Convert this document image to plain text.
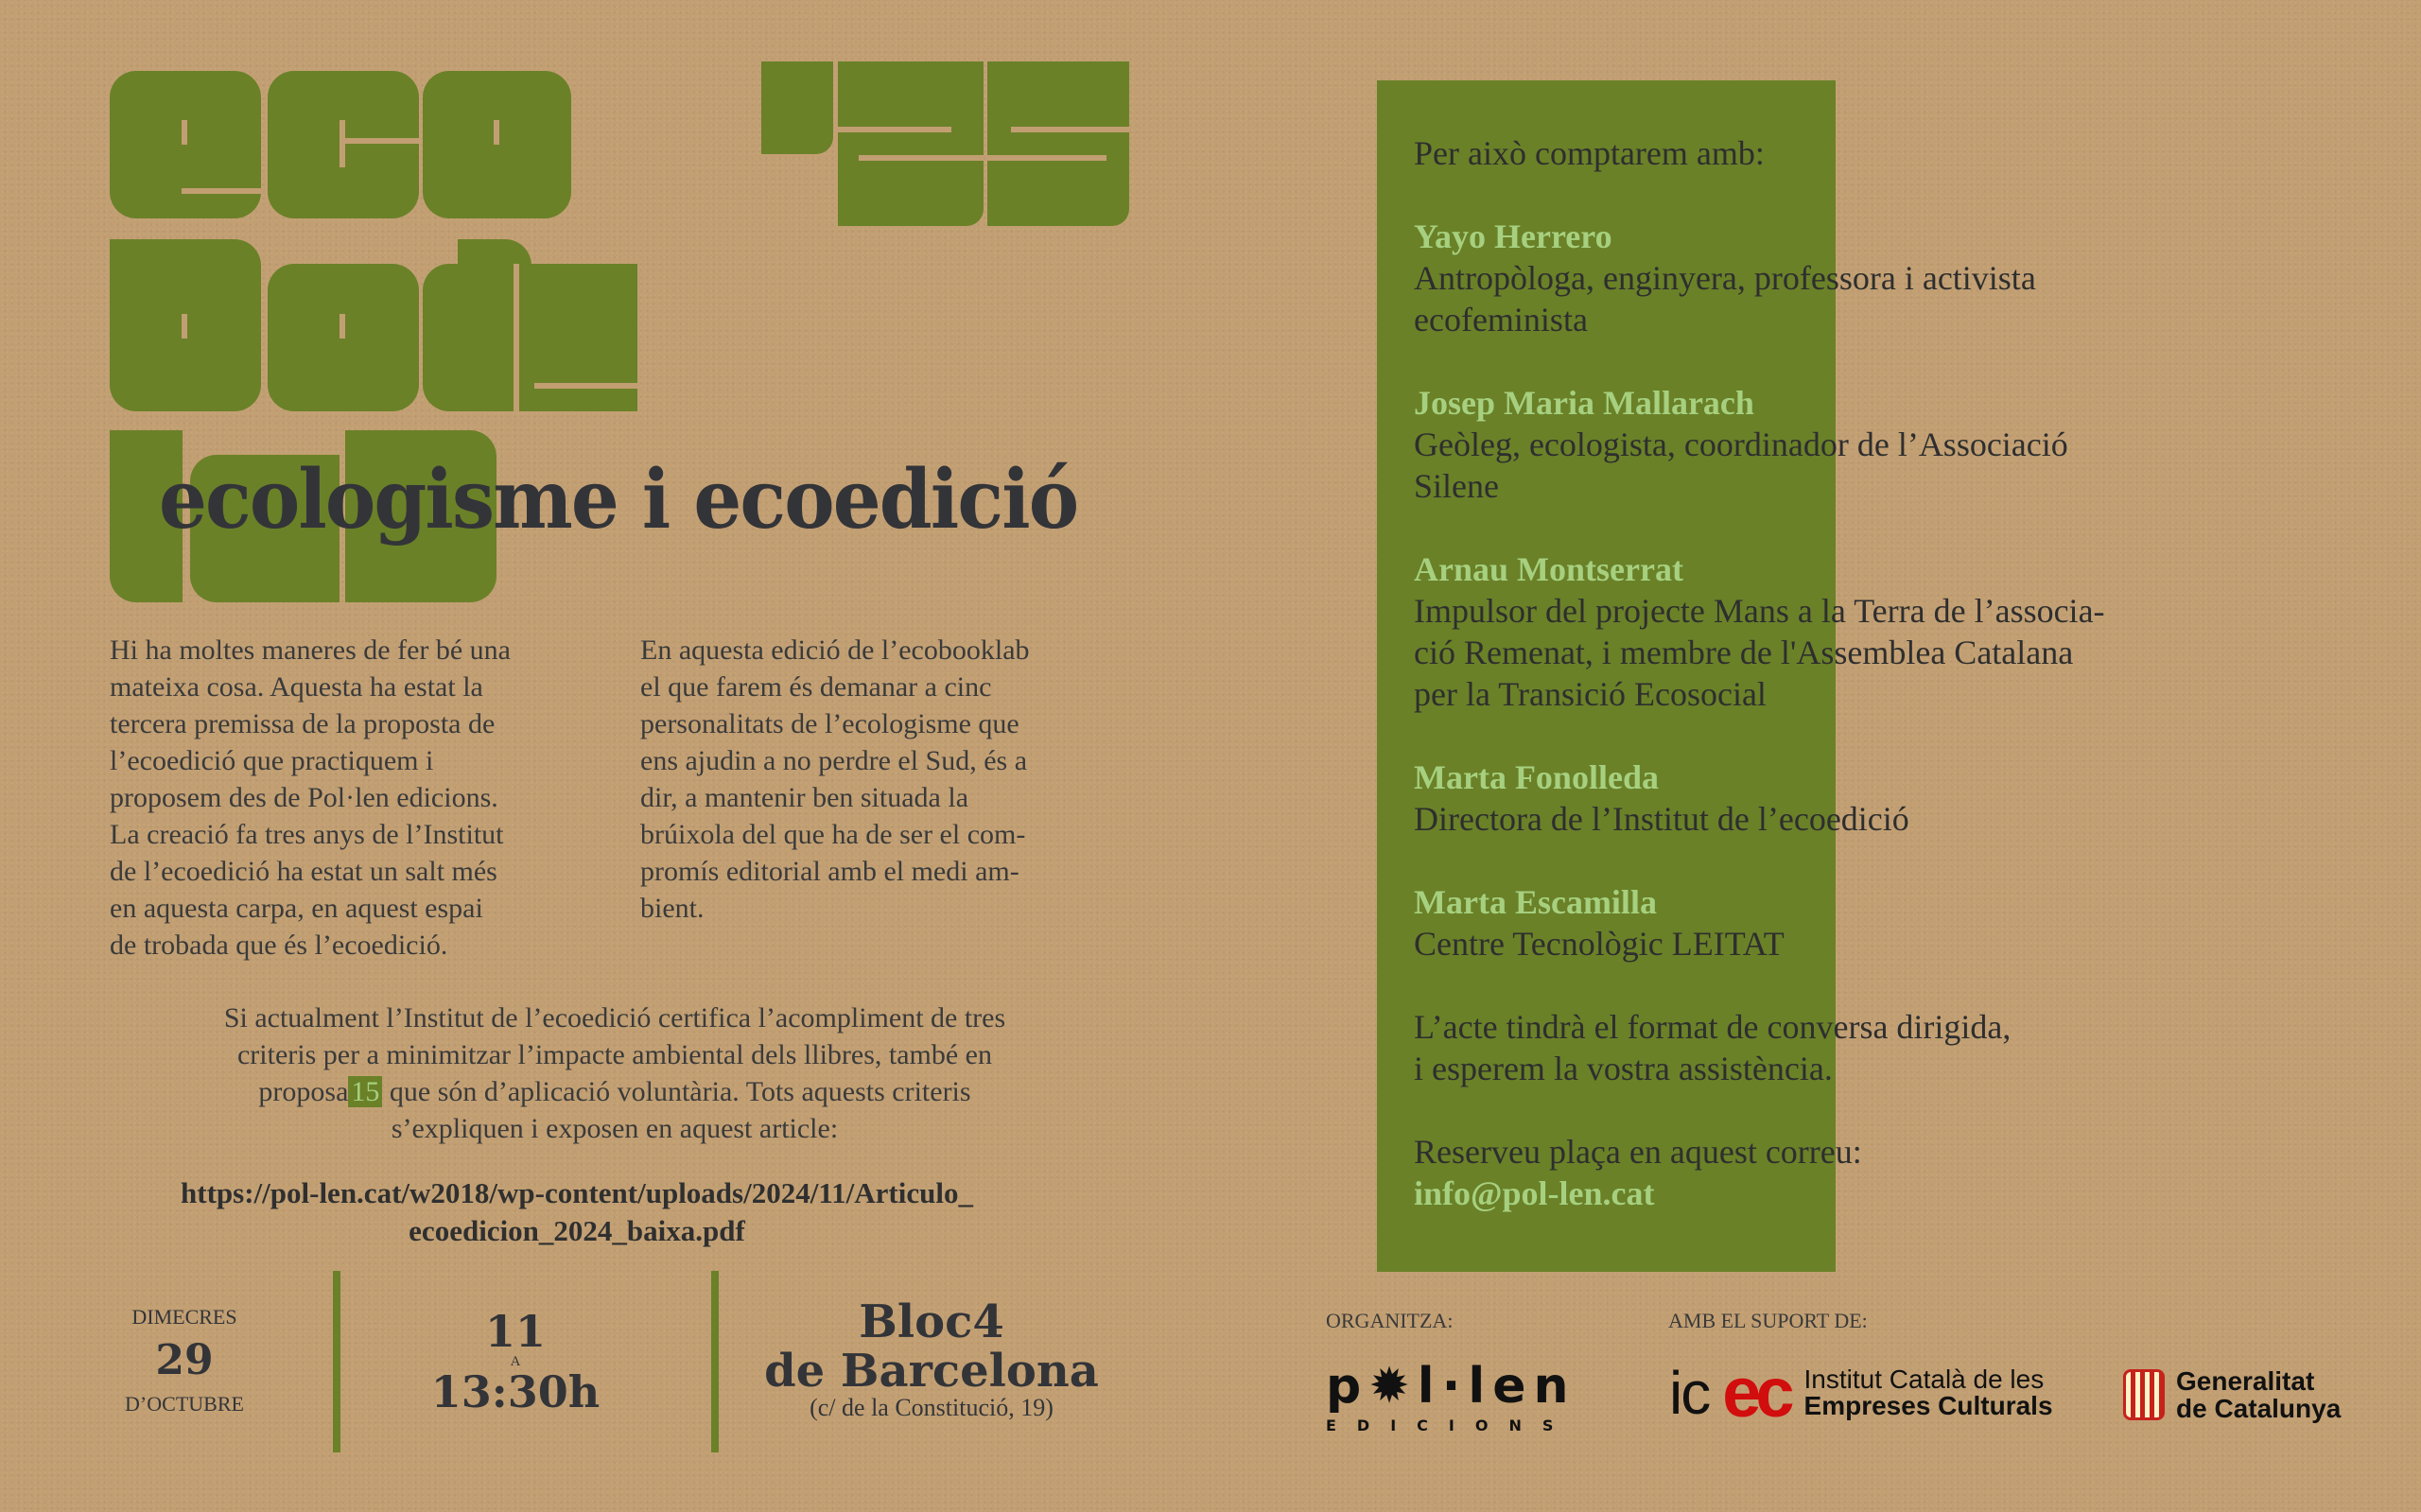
ecologisme i ecoedició
Hi ha moltes maneres de fer bé una
mateixa cosa. Aquesta ha estat la
tercera premissa de la proposta de
l’ecoedició que practiquem i
proposem des de Pol·len edicions.
La creació fa tres anys de l’Institut
de l’ecoedició ha estat un salt més
en aquesta carpa, en aquest espai
de trobada que és l’ecoedició.
En aquesta edició de l’ecobooklab
el que farem és demanar a cinc
personalitats de l’ecologisme que
ens ajudin a no perdre el Sud, és a
dir, a mantenir ben situada la
brúixola del que ha de ser el com-
promís editorial amb el medi am-
bient.
Si actualment l’Institut de l’ecoedició certifica l’acompliment de tres
criteris per a minimitzar l’impacte ambiental dels llibres, també en
proposa 15 que són d’aplicació voluntària. Tots aquests criteris
s’expliquen i exposen en aquest article:
https://pol-len.cat/w2018/wp-content/uploads/2024/11/Articulo_
ecoedicion_2024_baixa.pdf
DIMECRES
29
D’OCTUBRE
11
A
13:30h
Bloc4
de Barcelona
(c/ de la Constitució, 19)
Per això comptarem amb:
Yayo Herrero
Antropòloga, enginyera, professora i activista
ecofeminista
Josep Maria Mallarach
Geòleg, ecologista, coordinador de l’Associació
Silene
Arnau Montserrat
Impulsor del projecte Mans a la Terra de l’associa-
ció Remenat, i membre de l'Assemblea Catalana
per la Transició Ecosocial
Marta Fonolleda
Directora de l’Institut de l’ecoedició
Marta Escamilla
Centre Tecnològic LEITAT
L’acte tindrà el format de conversa dirigida,
i esperem la vostra assistència.
Reserveu plaça en aquest correu:
info@pol-len.cat
ORGANITZA:
p✹l·len
EDICIONS
AMB EL SUPORT DE:
ic ec Institut Català de les
Empreses Culturals
Generalitat
de Catalunya
